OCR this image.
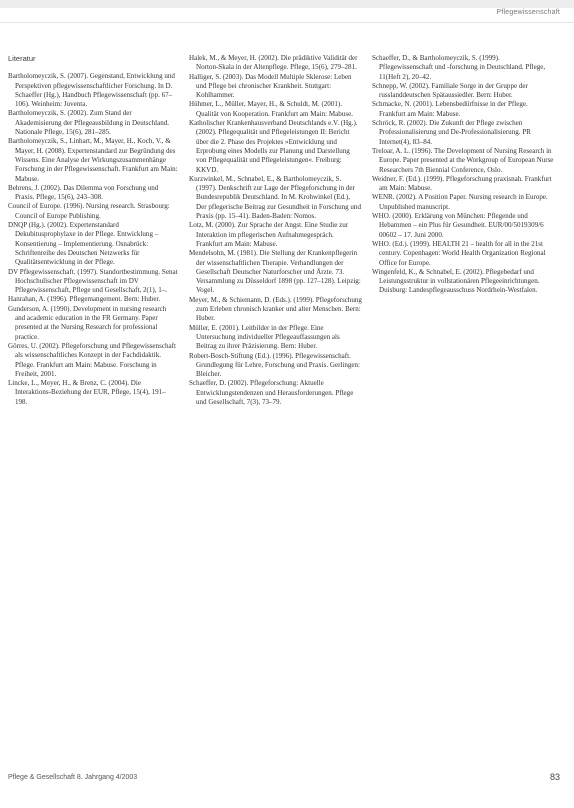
Pflegewissenschaft
Literatur
Bartholomeyczik, S. (2007). Gegenstand, Entwicklung und Perspektiven pflegewissenschaftlicher Forschung. In D. Schaeffer (Hg.), Handbuch Pflegewissenschaft (pp. 67–106). Weinheim: Juventa.
Bartholomeyczik, S. (2002). Zum Stand der Akademisierung der Pflegeausbildung in Deutschland. Nationale Pflege, 15(6), 281–285.
Bartholomeyczik, S., Linhart, M., Mayer, H., Koch, V., & Mayer, H. (2008). Expertenstandard zur Begründung des Wissens. Eine Analyse der Wirkungszusammenhänge Forschung in der Pflegewissenschaft. Frankfurt am Main: Mabuse.
Behrens, J. (2002). Das Dilemma von Forschung und Praxis. Pflege, 15(6), 243–308.
Council of Europe. (1996). Nursing research. Strasbourg: Council of Europe Publishing.
DNQP (Hg.). (2002). Expertenstandard Dekubitusprophylaxe in der Pflege. Entwicklung – Konsentierung – Implementierung. Osnabrück: Schriftenreihe des Deutschen Netzwerks für Qualitätsentwicklung in der Pflege.
DV Pflegewissenschaft. (1997). Standortbestimmung. Senat Hochschulischer Pflegewissenschaft im DV Pflegewissenschaft, Pflege und Gesellschaft, 2(1), 1–.
Hanrahan, A. (1996). Pflegemangement. Bern: Huber.
Gunderson, A. (1990). Development in nursing research and academic education in the FR Germany. Paper presented at the Nursing Research for professional practice.
Görres, U. (2002). Pflegeforschung und Pflegewissenschaft als wissenschaftliches Konzept in der Fachdidaktik. Pflege. Frankfurt am Main: Mabuse. Forschung in Freiheit, 2001.
Lincke, L., Meyer, H., & Brenz, C. (2004). Die Interaktions-Beziehung der EUR, Pflege, 15(4), 191–198.
Halek, M., & Meyer, H. (2002). Die prädiktive Validität der Norton-Skala in der Altenpflege. Pflege, 15(6), 279–281.
Halliger, S. (2003). Das Modell Multiple Sklerose: Leben und Pflege bei chronischer Krankheit. Stuttgart: Kohlhammer.
Hühmer, L., Müller, Mayer, H., & Schuldt, M. (2001). Qualität von Kooperation. Frankfurt am Main: Mabuse.
Katholischer Krankenhausverband Deutschlands e.V. (Hg.). (2002). Pflegequalität und Pflegeleistungen II: Bericht über die 2. Phase des Projektes »Entwicklung und Erprobung eines Modells zur Planung und Darstellung von Pflegequalität und Pflegeleistungen«. Freiburg: KKVD.
Kurzwinkel, M., Schnabel, E., & Bartholomeyczik, S. (1997). Denkschrift zur Lage der Pflegeforschung in der Bundesrepublik Deutschland. In M. Krohwinkel (Ed.), Der pflegerische Beitrag zur Gesundheit in Forschung und Praxis (pp. 15–41). Baden-Baden: Nomos.
Lotz, M. (2000). Zur Sprache der Angst. Eine Studie zur Interaktion im pflegerischen Aufnahmegespräch. Frankfurt am Main: Mabuse.
Mendelsohn, M. (1981). Die Stellung der Krankenpflegerin der wissenschaftlichen Therapie. Verhandlungen der Gesellschaft Deutscher Naturforscher und Ärzte. 73. Versammlung zu Düsseldorf 1898 (pp. 127–128). Leipzig: Vogel.
Meyer, M., & Schiemann, D. (Eds.). (1999). Pflegeforschung zum Erleben chronisch kranker und alter Menschen. Bern: Huber.
Müller, E. (2001). Leitbilder in der Pflege. Eine Untersuchung individueller Pflegeauffassungen als Beitrag zu ihrer Präzisierung. Bern: Huber.
Robert-Bosch-Stiftung (Ed.). (1996). Pflegewissenschaft. Grundlegung für Lehre, Forschung und Praxis. Gerlingen: Bleicher.
Schaeffer, D. (2002). Pflegeforschung: Aktuelle Entwicklungstendenzen und Herausforderungen. Pflege und Gesellschaft, 7(3), 73–79.
Schaeffer, D., & Bartholomeyczik, S. (1999). Pflegewissenschaft und -forschung in Deutschland. Pflege, 11(Heft 2), 20–42.
Schnepp, W. (2002). Familiale Sorge in der Gruppe der russlanddeutschen Spätaussiedler. Bern: Huber.
Schmacke, N. (2001). Lebensbedürfnisse in der Pflege. Frankfurt am Main: Mabuse.
Schröck, R. (2002). Die Zukunft der Pflege zwischen Professionalisierung und De-Professionalisierung. PR Internet(4), 83–84.
Treloar, A. L. (1996). The Development of Nursing Research in Europe. Paper presented at the Workgroup of European Nurse Researchers 7th Biennial Conference, Oslo.
Weidner, F. (Ed.). (1999). Pflegeforschung praxisnah. Frankfurt am Main: Mabuse.
WENR. (2002). A Position Paper. Nursing research in Europe. Unpublished manuscript.
WHO. (2000). Erklärung von München: Pflegende und Hebammen – ein Plus für Gesundheit. EUR/00/5019309/6 00602 – 17. Juni 2000.
WHO. (Ed.). (1999). HEALTH 21 – health for all in the 21st century. Copenhagen: World Health Organization Regional Office for Europe.
Wingenfeld, K., & Schnabel, E. (2002). Pflegebedarf und Leistungsstruktur in vollstationären Pflegeeinrichtungen. Duisburg: Landespflegeausschuss Nordrhein-Westfalen.
Pflege & Gesellschaft 8. Jahrgang 4/2003	83
